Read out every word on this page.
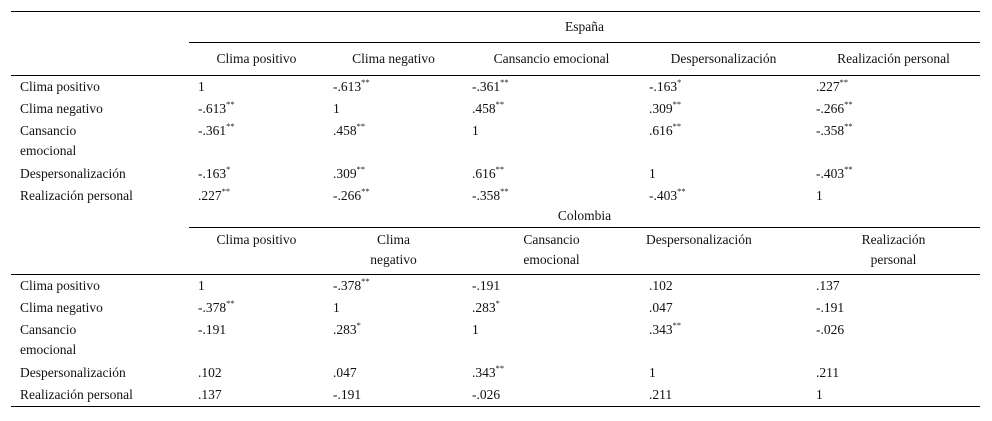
	España				
	Clima positivo	Clima negativo	Cansancio emocional	Despersonalización	Realización personal
Clima positivo	1	-.613**	-.361**	-.163*	.227**
Clima negativo	-.613**	1	.458**	.309**	-.266**
Cansancio emocional	-.361**	.458**	1	.616**	-.358**
Despersonalización	-.163*	.309**	.616**	1	-.403**
Realización personal	.227**	-.266**	-.358**	-.403**	1
	Colombia				
	Clima positivo	Clima negativo	Cansancio emocional	Despersonalización	Realización personal
Clima positivo	1	-.378**	-.191	.102	.137
Clima negativo	-.378**	1	.283*	.047	-.191
Cansancio emocional	-.191	.283*	1	.343**	-.026
Despersonalización	.102	.047	.343**	1	.211
Realización personal	.137	-.191	-.026	.211	1
